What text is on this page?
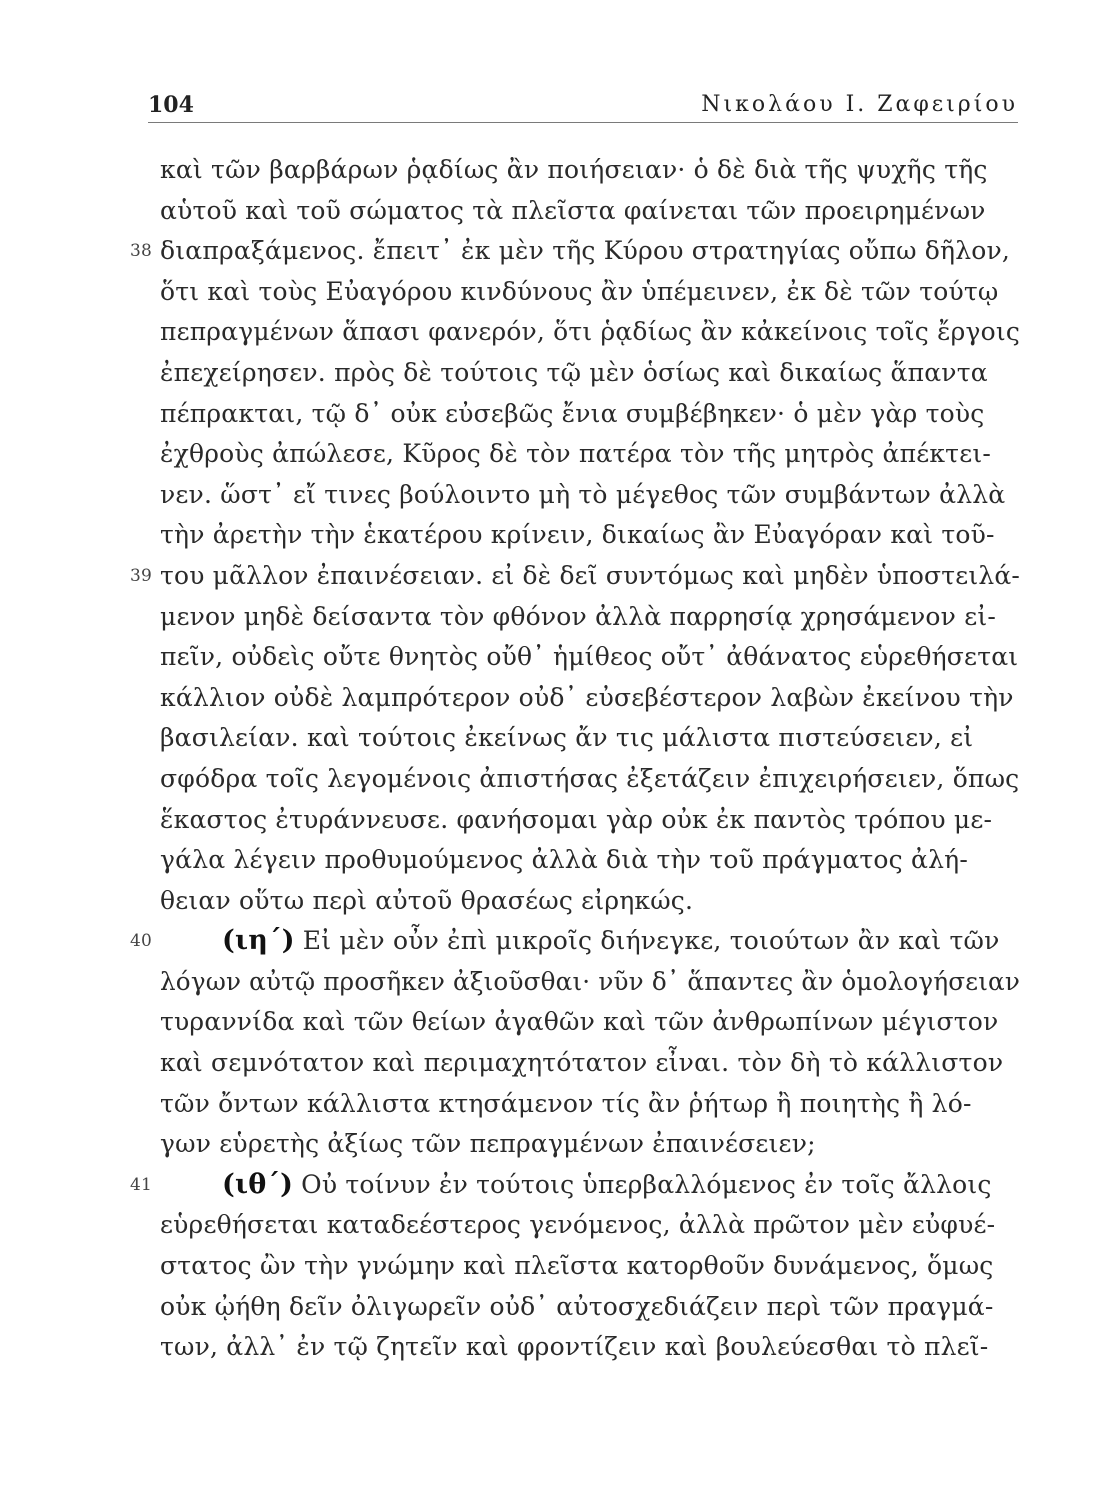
104	Νικολάου Ι. Ζαφειρίου
καὶ τῶν βαρβάρων ῥᾳδίως ἂν ποιήσειαν· ὁ δὲ διὰ τῆς ψυχῆς τῆς
αὑτοῦ καὶ τοῦ σώματος τὰ πλεῖστα φαίνεται τῶν προειρημένων
38 διαπραξάμενος. ἔπειτ᾽ ἐκ μὲν τῆς Κύρου στρατηγίας οὔπω δῆλον,
ὅτι καὶ τοὺς Εὐαγόρου κινδύνους ἂν ὑπέμεινεν, ἐκ δὲ τῶν τούτῳ
πεπραγμένων ἅπασι φανερόν, ὅτι ῥᾳδίως ἂν κἀκείνοις τοῖς ἔργοις
ἐπεχείρησεν. πρὸς δὲ τούτοις τῷ μὲν ὁσίως καὶ δικαίως ἅπαντα
πέπρακται, τῷ δ᾽ οὐκ εὐσεβῶς ἔνια συμβέβηκεν· ὁ μὲν γὰρ τοὺς
ἐχθροὺς ἀπώλεσε, Κῦρος δὲ τὸν πατέρα τὸν τῆς μητρὸς ἀπέκτει-
νεν. ὥστ᾽ εἴ τινες βούλοιντο μὴ τὸ μέγεθος τῶν συμβάντων ἀλλὰ
τὴν ἀρετὴν τὴν ἑκατέρου κρίνειν, δικαίως ἂν Εὐαγόραν καὶ τοῦ-
39 του μᾶλλον ἐπαινέσειαν. εἰ δὲ δεῖ συντόμως καὶ μηδὲν ὑποστειλά-
μενον μηδὲ δείσαντα τὸν φθόνον ἀλλὰ παρρησίᾳ χρησάμενον εἰ-
πεῖν, οὐδεὶς οὔτε θνητὸς οὔθ᾽ ἡμίθεος οὔτ᾽ ἀθάνατος εὑρεθήσεται
κάλλιον οὐδὲ λαμπρότερον οὐδ᾽ εὐσεβέστερον λαβὼν ἐκείνου τὴν
βασιλείαν. καὶ τούτοις ἐκείνως ἄν τις μάλιστα πιστεύσειεν, εἰ
σφόδρα τοῖς λεγομένοις ἀπιστήσας ἐξετάζειν ἐπιχειρήσειεν, ὅπως
ἕκαστος ἐτυράννευσε. φανήσομαι γὰρ οὐκ ἐκ παντὸς τρόπου με-
γάλα λέγειν προθυμούμενος ἀλλὰ διὰ τὴν τοῦ πράγματος ἀλή-
θειαν οὕτω περὶ αὐτοῦ θρασέως εἰρηκώς.
40	(ιη΄) Εἰ μὲν οὖν ἐπὶ μικροῖς διήνεγκε, τοιούτων ἂν καὶ τῶν
λόγων αὐτῷ προσῆκεν ἀξιοῦσθαι· νῦν δ᾽ ἅπαντες ἂν ὁμολογήσειαν
τυραννίδα καὶ τῶν θείων ἀγαθῶν καὶ τῶν ἀνθρωπίνων μέγιστον
καὶ σεμνότατον καὶ περιμαχητότατον εἶναι. τὸν δὴ τὸ κάλλιστον
τῶν ὄντων κάλλιστα κτησάμενον τίς ἂν ῥήτωρ ἢ ποιητὴς ἢ λό-
γων εὑρετὴς ἀξίως τῶν πεπραγμένων ἐπαινέσειεν;
41	(ιθ΄) Οὐ τοίνυν ἐν τούτοις ὑπερβαλλόμενος ἐν τοῖς ἄλλοις
εὑρεθήσεται καταδεέστερος γενόμενος, ἀλλὰ πρῶτον μὲν εὐφυέ-
στατος ὢν τὴν γνώμην καὶ πλεῖστα κατορθοῦν δυνάμενος, ὅμως
οὐκ ᾠήθη δεῖν ὀλιγωρεῖν οὐδ᾽ αὐτοσχεδιάζειν περὶ τῶν πραγμά-
των, ἀλλ᾽ ἐν τῷ ζητεῖν καὶ φροντίζειν καὶ βουλεύεσθαι τὸ πλεῖ-
